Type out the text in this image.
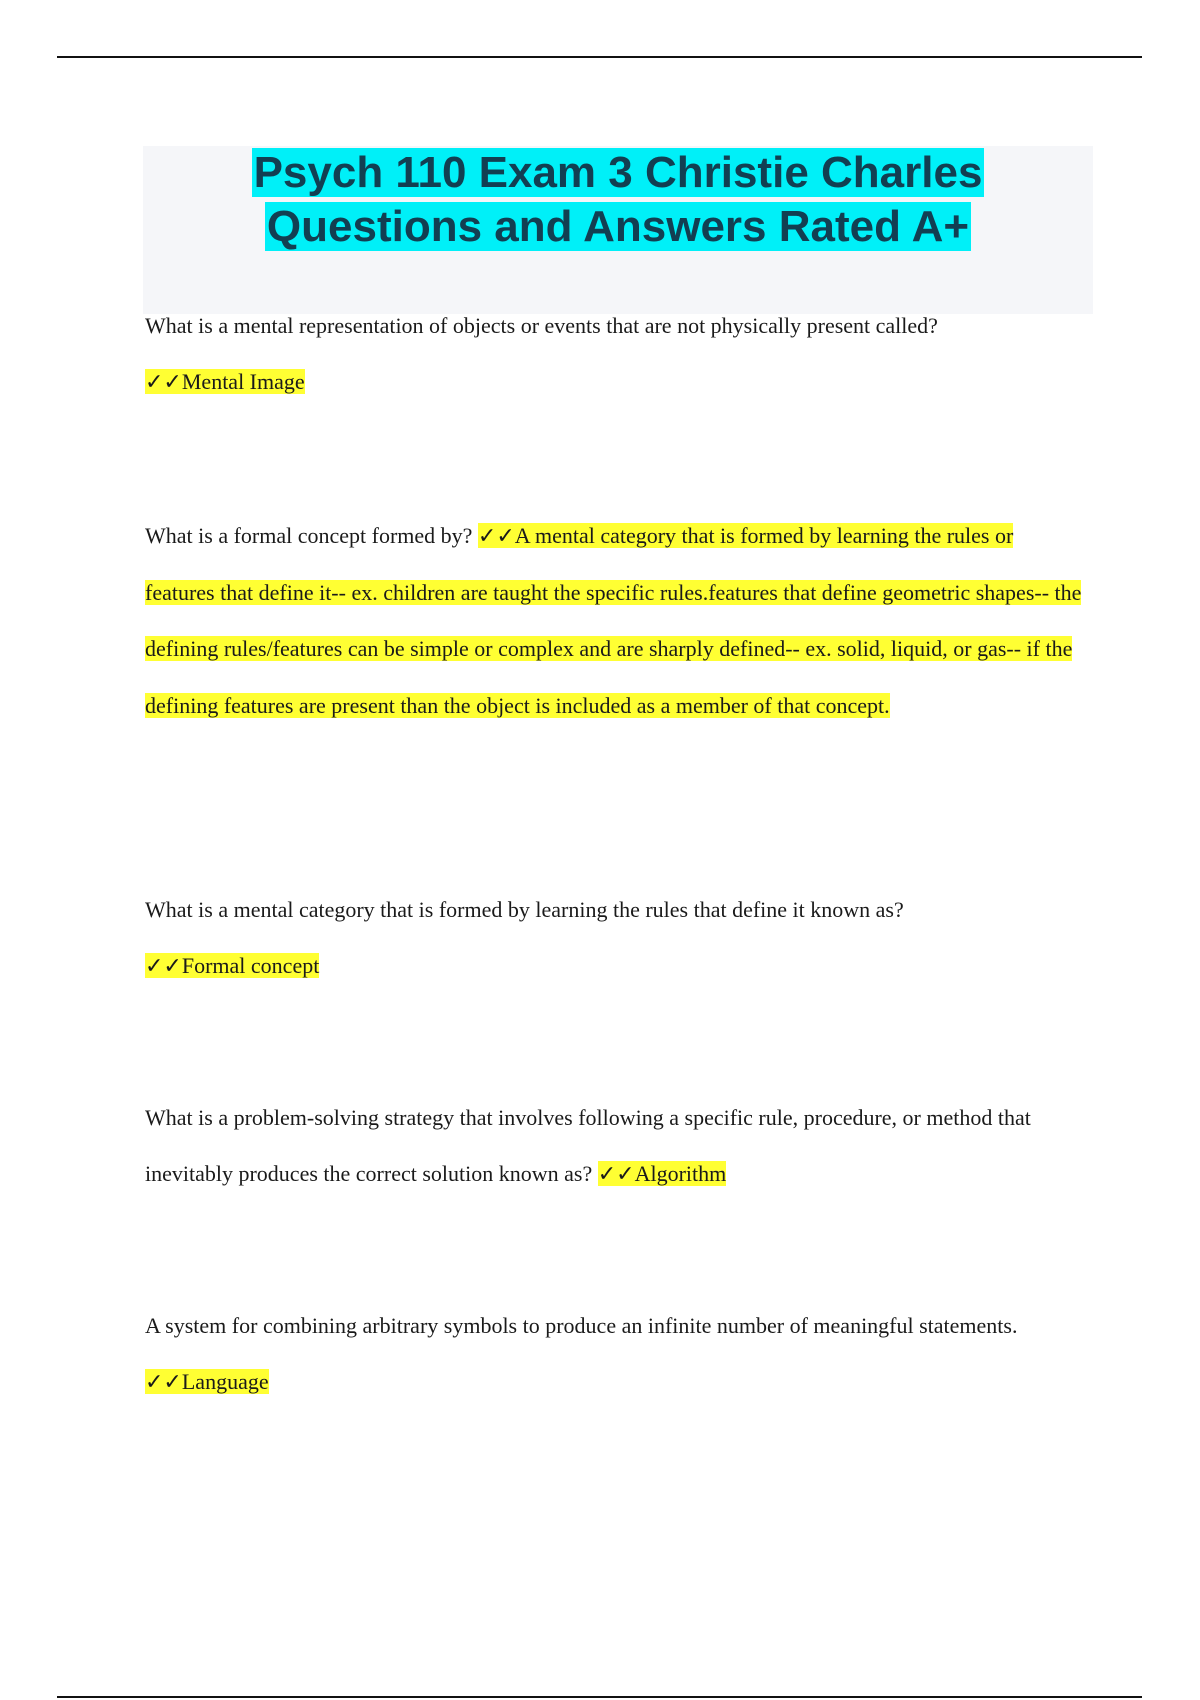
Psych 110 Exam 3 Christie Charles
Questions and Answers Rated A+

What is a mental representation of objects or events that are not physically present called?
✓✓Mental Image

What is a formal concept formed by? ✓✓A mental category that is formed by learning the rules or features that define it-- ex. children are taught the specific rules.features that define geometric shapes-- the defining rules/features can be simple or complex and are sharply defined-- ex. solid, liquid, or gas-- if the defining features are present than the object is included as a member of that concept.

What is a mental category that is formed by learning the rules that define it known as?
✓✓Formal concept

What is a problem-solving strategy that involves following a specific rule, procedure, or method that inevitably produces the correct solution known as? ✓✓Algorithm

A system for combining arbitrary symbols to produce an infinite number of meaningful statements. ✓✓Language
